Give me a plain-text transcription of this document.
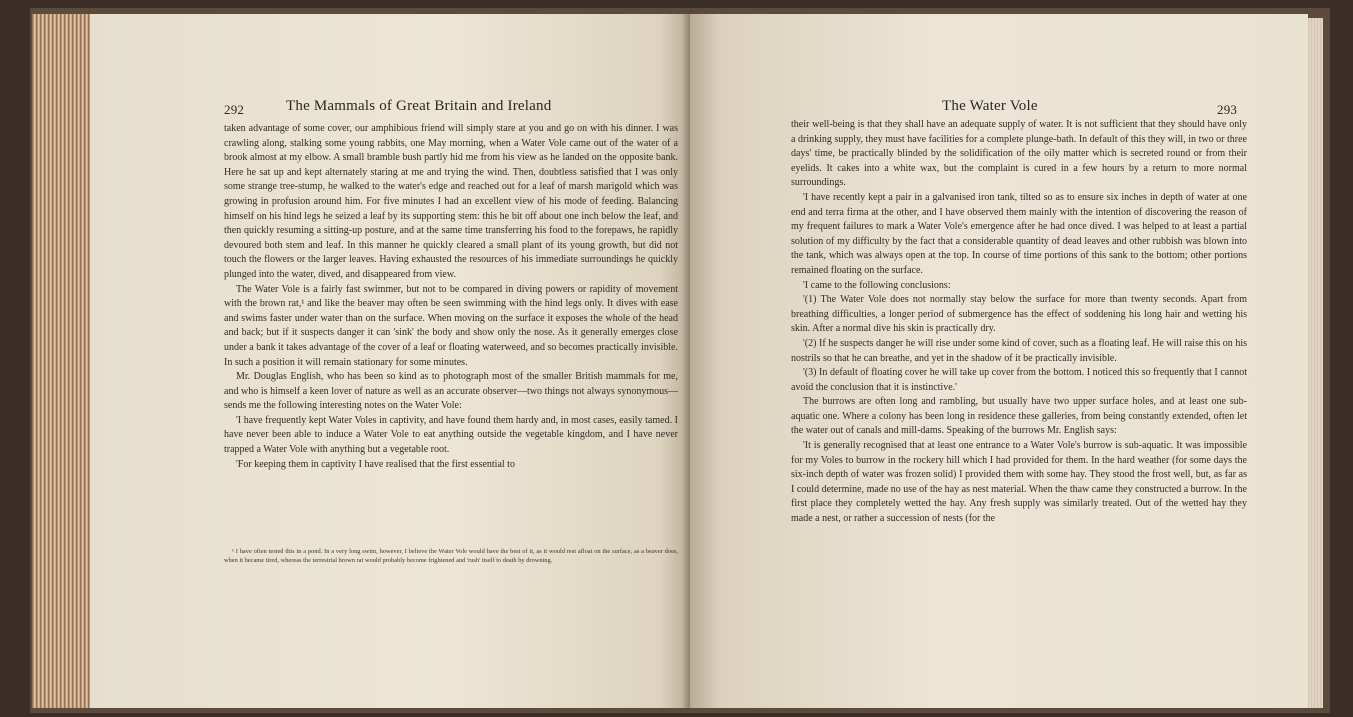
292	The Mammals of Great Britain and Ireland

taken advantage of some cover, our amphibious friend will simply stare at you and go on with his dinner. I was crawling along, stalking some young rabbits, one May morning, when a Water Vole came out of the water of a brook almost at my elbow. A small bramble bush partly hid me from his view as he landed on the opposite bank. Here he sat up and kept alternately staring at me and trying the wind. Then, doubtless satisfied that I was only some strange tree-stump, he walked to the water's edge and reached out for a leaf of marsh marigold which was growing in profusion around him. For five minutes I had an excellent view of his mode of feeding. Balancing himself on his hind legs he seized a leaf by its supporting stem: this he bit off about one inch below the leaf, and then quickly resuming a sitting-up posture, and at the same time transferring his food to the forepaws, he rapidly devoured both stem and leaf. In this manner he quickly cleared a small plant of its young growth, but did not touch the flowers or the larger leaves. Having exhausted the resources of his immediate surroundings he quickly plunged into the water, dived, and disappeared from view.

The Water Vole is a fairly fast swimmer, but not to be compared in diving powers or rapidity of movement with the brown rat,¹ and like the beaver may often be seen swimming with the hind legs only. It dives with ease and swims faster under water than on the surface. When moving on the surface it exposes the whole of the head and back; but if it suspects danger it can 'sink' the body and show only the nose. As it generally emerges close under a bank it takes advantage of the cover of a leaf or floating waterweed, and so becomes practically invisible. In such a position it will remain stationary for some minutes.

Mr. Douglas English, who has been so kind as to photograph most of the smaller British mammals for me, and who is himself a keen lover of nature as well as an accurate observer—two things not always synonymous—sends me the following interesting notes on the Water Vole:

'I have frequently kept Water Voles in captivity, and have found them hardy and, in most cases, easily tamed. I have never been able to induce a Water Vole to eat anything outside the vegetable kingdom, and I have never trapped a Water Vole with anything but a vegetable root.

'For keeping them in captivity I have realised that the first essential to

¹ I have often tested this in a pond. In a very long swim, however, I believe the Water Vole would have the best of it, as it would rest afloat on the surface, as a beaver does, when it became tired, whereas the terrestrial brown rat would probably become frightened and 'rush' itself to death by drowning.

The Water Vole	293

their well-being is that they shall have an adequate supply of water. It is not sufficient that they should have only a drinking supply, they must have facilities for a complete plunge-bath. In default of this they will, in two or three days' time, be practically blinded by the solidification of the oily matter which is secreted round or from their eyelids. It cakes into a white wax, but the complaint is cured in a few hours by a return to more normal surroundings.

'I have recently kept a pair in a galvanised iron tank, tilted so as to ensure six inches in depth of water at one end and terra firma at the other, and I have observed them mainly with the intention of discovering the reason of my frequent failures to mark a Water Vole's emergence after he had once dived. I was helped to at least a partial solution of my difficulty by the fact that a considerable quantity of dead leaves and other rubbish was blown into the tank, which was always open at the top. In course of time portions of this sank to the bottom; other portions remained floating on the surface.

'I came to the following conclusions:

'(1) The Water Vole does not normally stay below the surface for more than twenty seconds. Apart from breathing difficulties, a longer period of submergence has the effect of soddening his long hair and wetting his skin. After a normal dive his skin is practically dry.

'(2) If he suspects danger he will rise under some kind of cover, such as a floating leaf. He will raise this on his nostrils so that he can breathe, and yet in the shadow of it be practically invisible.

'(3) In default of floating cover he will take up cover from the bottom. I noticed this so frequently that I cannot avoid the conclusion that it is instinctive.'

The burrows are often long and rambling, but usually have two upper surface holes, and at least one sub-aquatic one. Where a colony has been long in residence these galleries, from being constantly extended, often let the water out of canals and mill-dams. Speaking of the burrows Mr. English says:

'It is generally recognised that at least one entrance to a Water Vole's burrow is sub-aquatic. It was impossible for my Voles to burrow in the rockery hill which I had provided for them. In the hard weather (for some days the six-inch depth of water was frozen solid) I provided them with some hay. They stood the frost well, but, as far as I could determine, made no use of the hay as nest material. When the thaw came they constructed a burrow. In the first place they completely wetted the hay. Any fresh supply was similarly treated. Out of the wetted hay they made a nest, or rather a succession of nests (for the
